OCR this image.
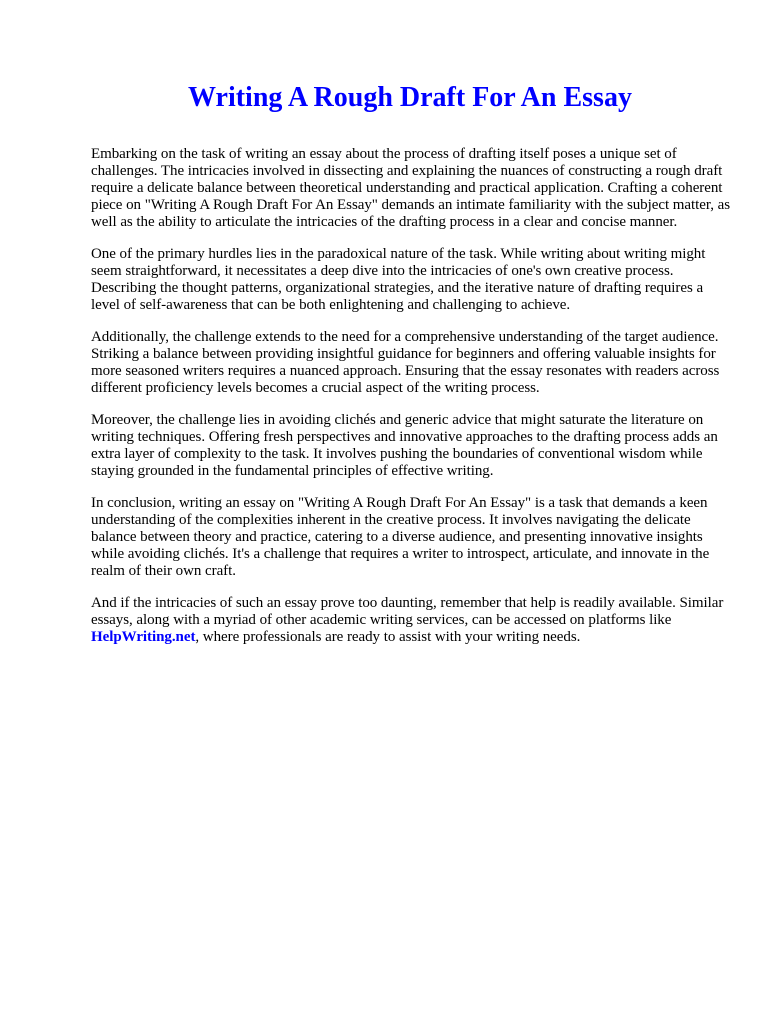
Writing A Rough Draft For An Essay

Embarking on the task of writing an essay about the process of drafting itself poses a unique set of challenges. The intricacies involved in dissecting and explaining the nuances of constructing a rough draft require a delicate balance between theoretical understanding and practical application. Crafting a coherent piece on "Writing A Rough Draft For An Essay" demands an intimate familiarity with the subject matter, as well as the ability to articulate the intricacies of the drafting process in a clear and concise manner.

One of the primary hurdles lies in the paradoxical nature of the task. While writing about writing might seem straightforward, it necessitates a deep dive into the intricacies of one's own creative process. Describing the thought patterns, organizational strategies, and the iterative nature of drafting requires a level of self-awareness that can be both enlightening and challenging to achieve.

Additionally, the challenge extends to the need for a comprehensive understanding of the target audience. Striking a balance between providing insightful guidance for beginners and offering valuable insights for more seasoned writers requires a nuanced approach. Ensuring that the essay resonates with readers across different proficiency levels becomes a crucial aspect of the writing process.

Moreover, the challenge lies in avoiding clichés and generic advice that might saturate the literature on writing techniques. Offering fresh perspectives and innovative approaches to the drafting process adds an extra layer of complexity to the task. It involves pushing the boundaries of conventional wisdom while staying grounded in the fundamental principles of effective writing.

In conclusion, writing an essay on "Writing A Rough Draft For An Essay" is a task that demands a keen understanding of the complexities inherent in the creative process. It involves navigating the delicate balance between theory and practice, catering to a diverse audience, and presenting innovative insights while avoiding clichés. It's a challenge that requires a writer to introspect, articulate, and innovate in the realm of their own craft.

And if the intricacies of such an essay prove too daunting, remember that help is readily available. Similar essays, along with a myriad of other academic writing services, can be accessed on platforms like HelpWriting.net, where professionals are ready to assist with your writing needs.
